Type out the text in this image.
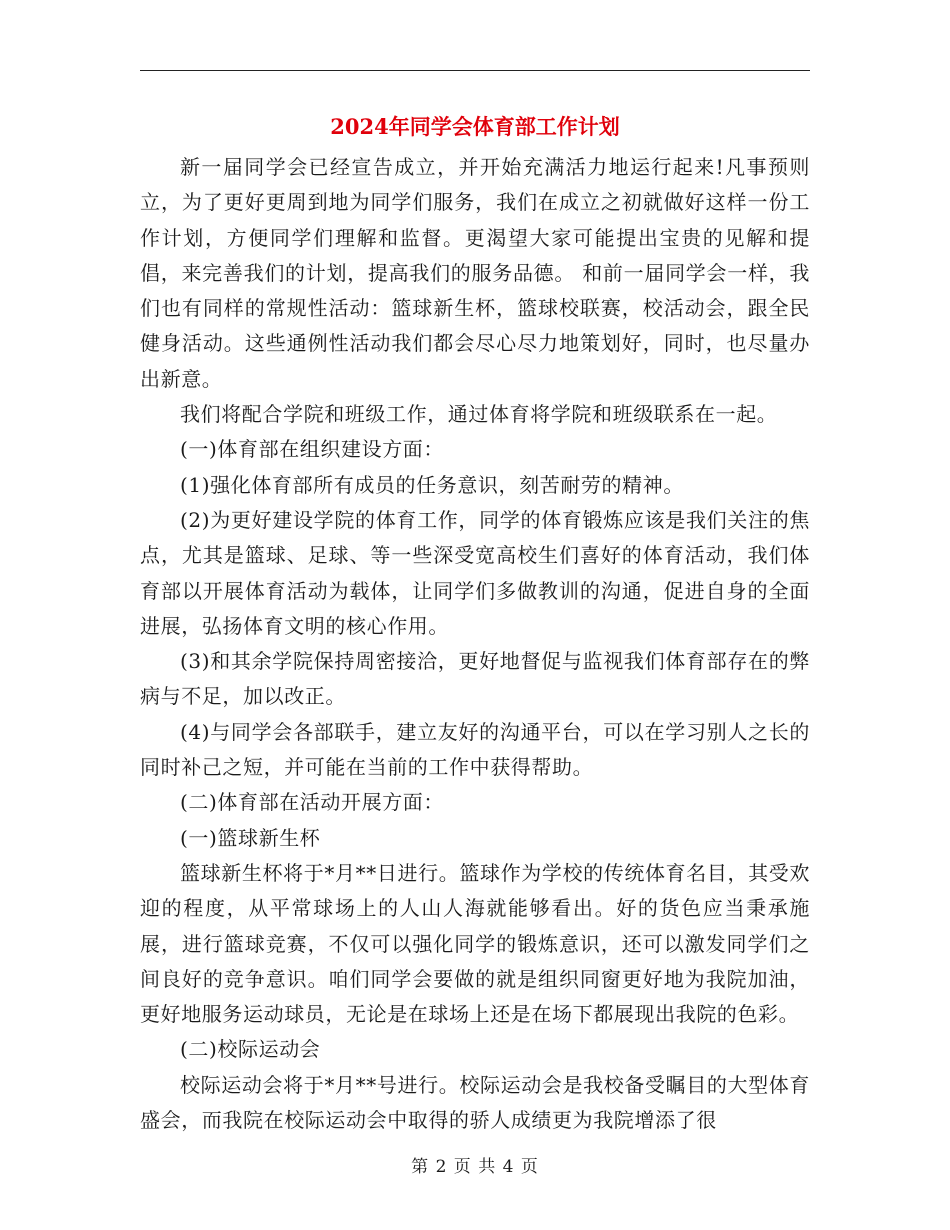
2024年同学会体育部工作计划

新一届同学会已经宣告成立，并开始充满活力地运行起来!凡事预则立，为了更好更周到地为同学们服务，我们在成立之初就做好这样一份工作计划，方便同学们理解和监督。更渴望大家可能提出宝贵的见解和提倡，来完善我们的计划，提高我们的服务品德。 和前一届同学会一样，我们也有同样的常规性活动：篮球新生杯，篮球校联赛，校活动会，跟全民健身活动。这些通例性活动我们都会尽心尽力地策划好，同时，也尽量办出新意。

我们将配合学院和班级工作，通过体育将学院和班级联系在一起。

(一)体育部在组织建设方面：

(1)强化体育部所有成员的任务意识，刻苦耐劳的精神。

(2)为更好建设学院的体育工作，同学的体育锻炼应该是我们关注的焦点，尤其是篮球、足球、等一些深受宽高校生们喜好的体育活动，我们体育部以开展体育活动为载体，让同学们多做教训的沟通，促进自身的全面进展，弘扬体育文明的核心作用。

(3)和其余学院保持周密接洽，更好地督促与监视我们体育部存在的弊病与不足，加以改正。

(4)与同学会各部联手，建立友好的沟通平台，可以在学习别人之长的同时补己之短，并可能在当前的工作中获得帮助。

(二)体育部在活动开展方面：

(一)篮球新生杯

篮球新生杯将于*月**日进行。篮球作为学校的传统体育名目，其受欢迎的程度，从平常球场上的人山人海就能够看出。好的货色应当秉承施展，进行篮球竞赛，不仅可以强化同学的锻炼意识，还可以激发同学们之间良好的竞争意识。咱们同学会要做的就是组织同窗更好地为我院加油，更好地服务运动球员，无论是在球场上还是在场下都展现出我院的色彩。

(二)校际运动会

校际运动会将于*月**号进行。校际运动会是我校备受瞩目的大型体育盛会，而我院在校际运动会中取得的骄人成绩更为我院增添了很

第 2 页 共 4 页
